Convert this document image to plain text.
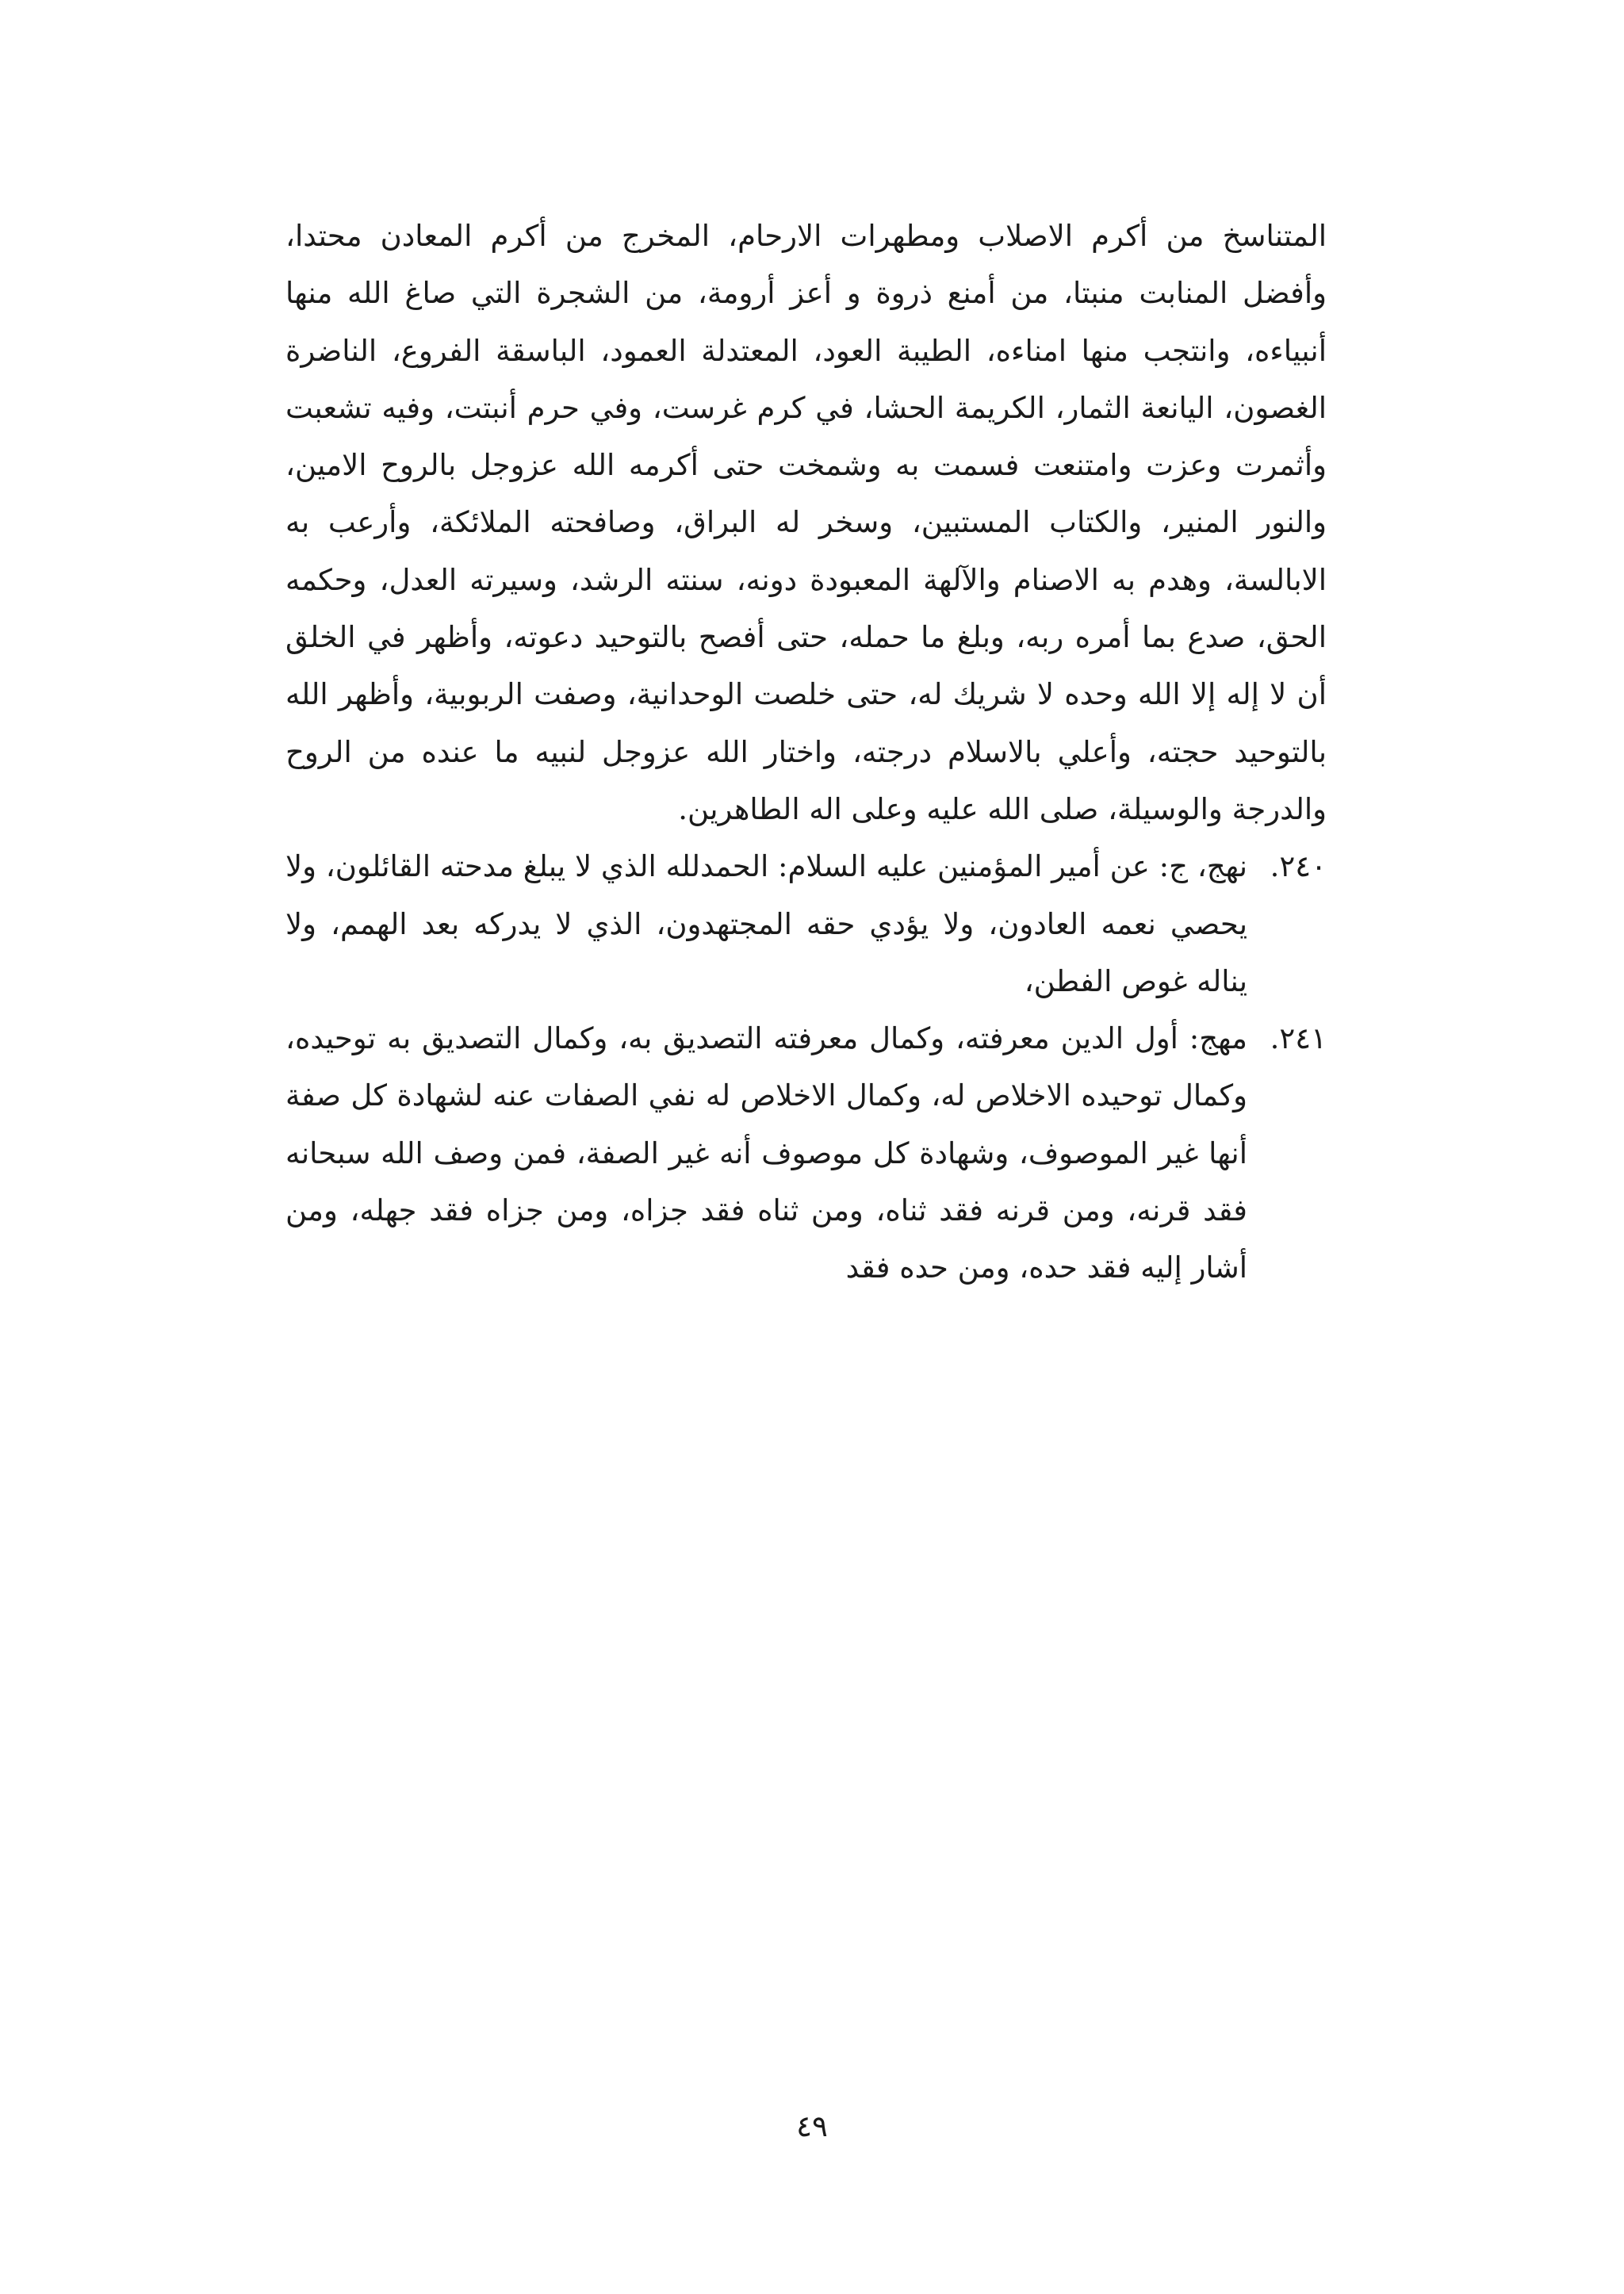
المتناسخ من أكرم الاصلاب ومطهرات الارحام، المخرج من أكرم المعادن محتدا، وأفضل المنابت منبتا، من أمنع ذروة و أعز أرومة، من الشجرة التي صاغ الله منها أنبياءه، وانتجب منها امناءه، الطيبة العود، المعتدلة العمود، الباسقة الفروع، الناضرة الغصون، اليانعة الثمار، الكريمة الحشا، في كرم غرست، وفي حرم أنبتت، وفيه تشعبت وأثمرت وعزت وامتنعت فسمت به وشمخت حتى أكرمه الله عزوجل بالروح الامين، والنور المنير، والكتاب المستبين، وسخر له البراق، وصافحته الملائكة، وأرعب به الابالسة، وهدم به الاصنام والآلهة المعبودة دونه، سنته الرشد، وسيرته العدل، وحكمه الحق، صدع بما أمره ربه، وبلغ ما حمله، حتى أفصح بالتوحيد دعوته، وأظهر في الخلق أن لا إله إلا الله وحده لا شريك له، حتى خلصت الوحدانية، وصفت الربوبية، وأظهر الله بالتوحيد حجته، وأعلي بالاسلام درجته، واختار الله عزوجل لنبيه ما عنده من الروح والدرجة والوسيلة، صلى الله عليه وعلى اله الطاهرين.

٢٤٠.
نهج، ج: عن أمير المؤمنين عليه السلام: الحمدلله الذي لا يبلغ مدحته القائلون، ولا يحصي نعمه العادون، ولا يؤدي حقه المجتهدون، الذي لا يدركه بعد الهمم، ولا يناله غوص الفطن،
٢٤١.
مهج: أول الدين معرفته، وكمال معرفته التصديق به، وكمال التصديق به توحيده، وكمال توحيده الاخلاص له، وكمال الاخلاص له نفي الصفات عنه لشهادة كل صفة أنها غير الموصوف، وشهادة كل موصوف أنه غير الصفة، فمن وصف الله سبحانه فقد قرنه، ومن قرنه فقد ثناه، ومن ثناه فقد جزاه، ومن جزاه فقد جهله، ومن أشار إليه فقد حده، ومن حده فقد
٤٩
